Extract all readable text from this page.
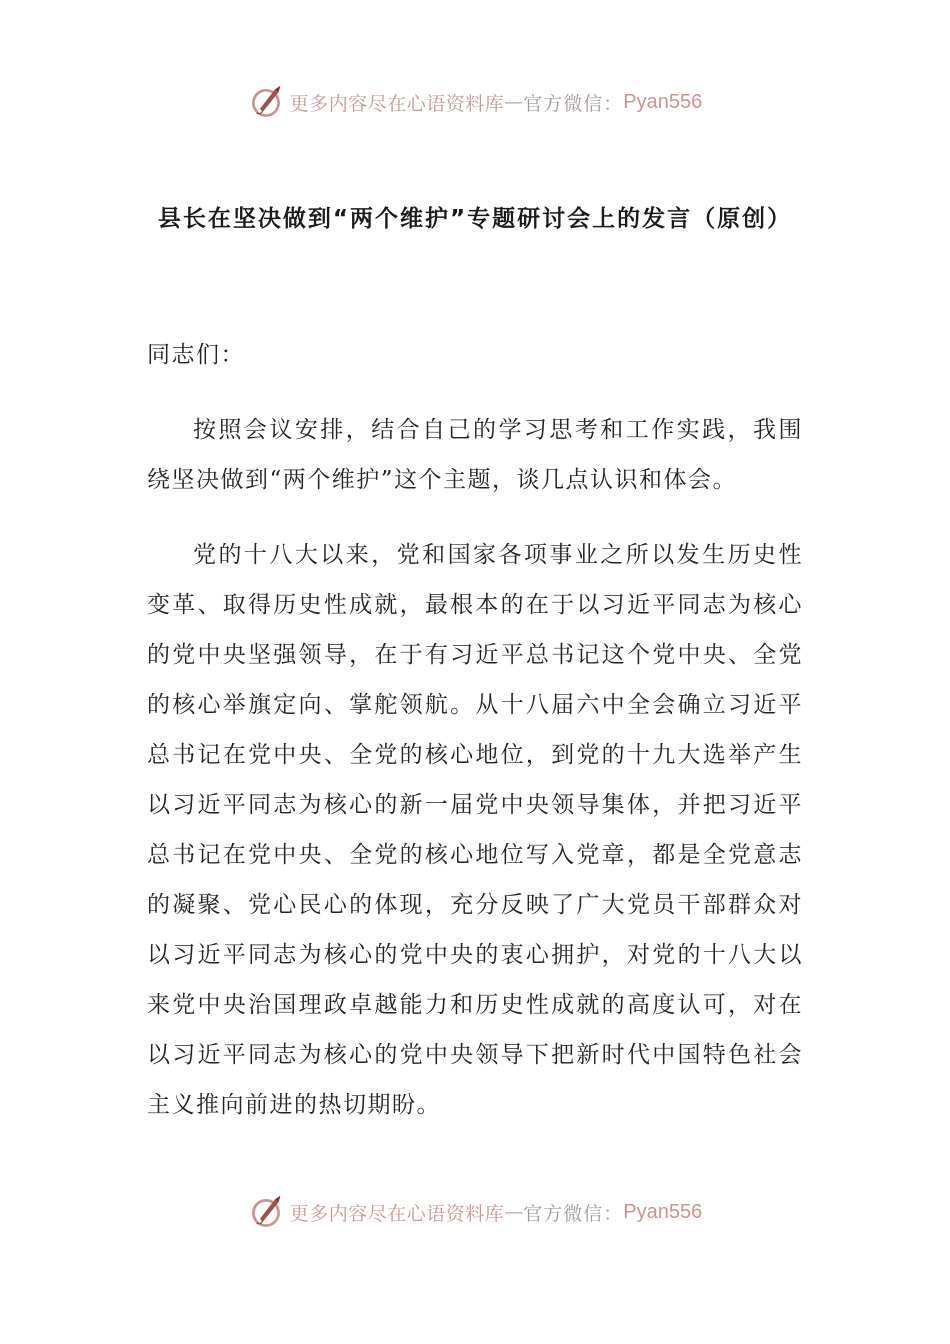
更多内容尽在心语资料库 — 官方微信： Pyan556
县长在坚决做到“两个维护”专题研讨会上的发言（原创）

同志们：

按照会议安排，结合自己的学习思考和工作实践，我围绕坚决做到“两个维护”这个主题，谈几点认识和体会。

党的十八大以来，党和国家各项事业之所以发生历史性变革、取得历史性成就，最根本的在于以习近平同志为核心的党中央坚强领导，在于有习近平总书记这个党中央、全党的核心举旗定向、掌舵领航。从十八届六中全会确立习近平总书记在党中央、全党的核心地位，到党的十九大选举产生以习近平同志为核心的新一届党中央领导集体，并把习近平总书记在党中央、全党的核心地位写入党章，都是全党意志的凝聚、党心民心的体现，充分反映了广大党员干部群众对以习近平同志为核心的党中央的衷心拥护，对党的十八大以来党中央治国理政卓越能力和历史性成就的高度认可，对在以习近平同志为核心的党中央领导下把新时代中国特色社会主义推向前进的热切期盼。

更多内容尽在心语资料库 — 官方微信： Pyan556
